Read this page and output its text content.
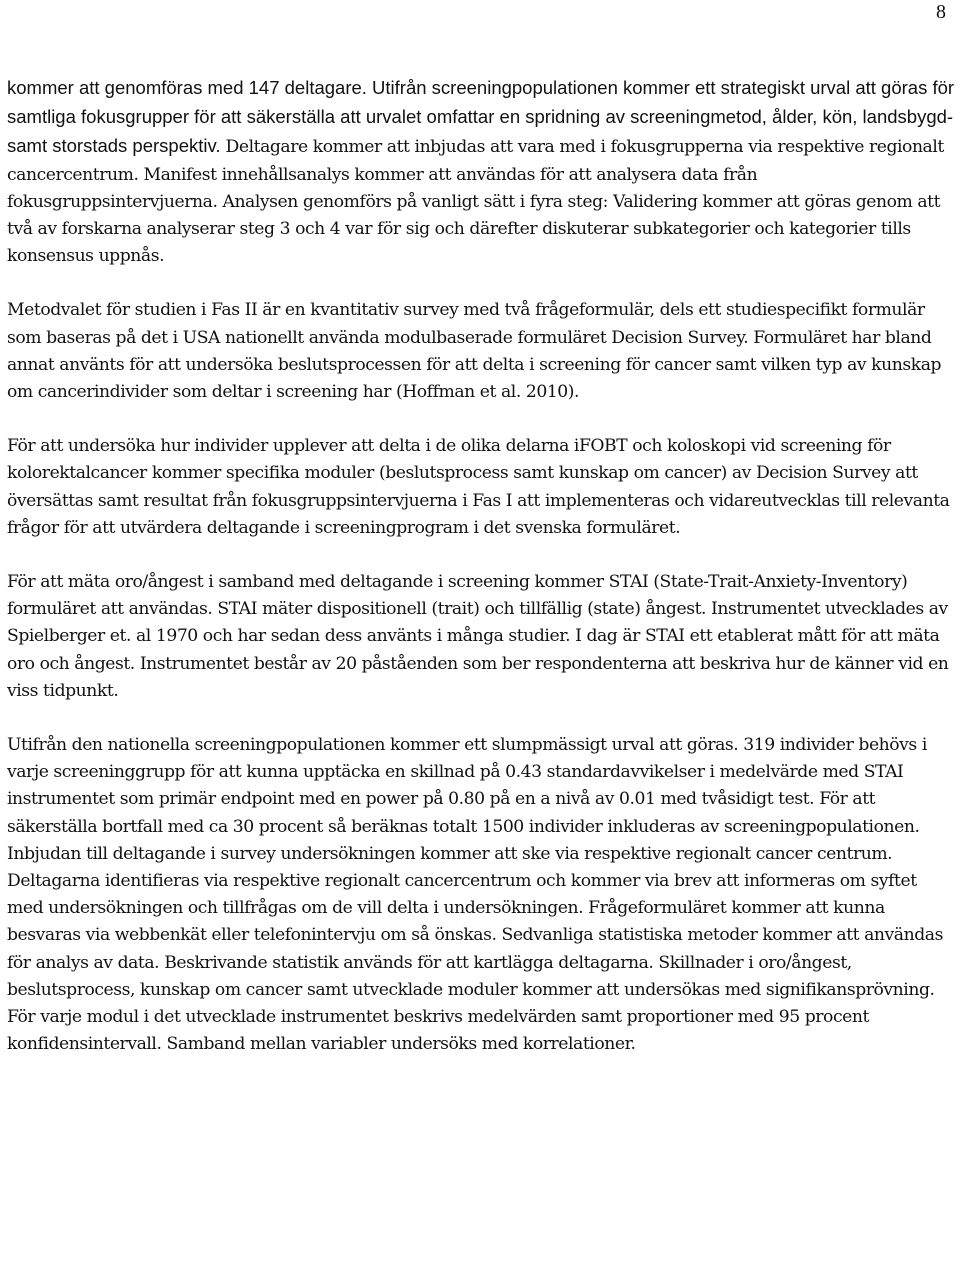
8

kommer att genomföras med 147 deltagare. Utifrån screeningpopulationen kommer ett strategiskt urval att göras för samtliga fokusgrupper för att säkerställa att urvalet omfattar en spridning av screeningmetod, ålder, kön, landsbygd- samt storstads perspektiv. Deltagare kommer att inbjudas att vara med i fokusgrupperna via respektive regionalt cancercentrum. Manifest innehållsanalys kommer att användas för att analysera data från fokusgruppsintervjuerna. Analysen genomförs på vanligt sätt i fyra steg: Validering kommer att göras genom att två av forskarna analyserar steg 3 och 4 var för sig och därefter diskuterar subkategorier och kategorier tills konsensus uppnås.

Metodvalet för studien i Fas II är en kvantitativ survey med två frågeformulär, dels ett studiespecifikt formulär som baseras på det i USA nationellt använda modulbaserade formuläret Decision Survey. Formuläret har bland annat använts för att undersöka beslutsprocessen för att delta i screening för cancer samt vilken typ av kunskap om cancerindivider som deltar i screening har (Hoffman et al. 2010).

För att undersöka hur individer upplever att delta i de olika delarna iFOBT och koloskopi vid screening för kolorektalcancer kommer specifika moduler (beslutsprocess samt kunskap om cancer) av Decision Survey att översättas samt resultat från fokusgruppsintervjuerna i Fas I att implementeras och vidareutvecklas till relevanta frågor för att utvärdera deltagande i screeningprogram i det svenska formuläret.

För att mäta oro/ångest i samband med deltagande i screening kommer STAI (State-Trait-Anxiety-Inventory) formuläret att användas. STAI mäter dispositionell (trait) och tillfällig (state) ångest. Instrumentet utvecklades av Spielberger et. al 1970 och har sedan dess använts i många studier. I dag är STAI ett etablerat mått för att mäta oro och ångest. Instrumentet består av 20 påståenden som ber respondenterna att beskriva hur de känner vid en viss tidpunkt.

Utifrån den nationella screeningpopulationen kommer ett slumpmässigt urval att göras. 319 individer behövs i varje screeninggrupp för att kunna upptäcka en skillnad på 0.43 standardavvikelser i medelvärde med STAI instrumentet som primär endpoint med en power på 0.80 på en a nivå av 0.01 med tvåsidigt test. För att säkerställa bortfall med ca 30 procent så beräknas totalt 1500 individer inkluderas av screeningpopulationen. Inbjudan till deltagande i survey undersökningen kommer att ske via respektive regionalt cancer centrum. Deltagarna identifieras via respektive regionalt cancercentrum och kommer via brev att informeras om syftet med undersökningen och tillfrågas om de vill delta i undersökningen. Frågeformuläret kommer att kunna besvaras via webbenkät eller telefonintervju om så önskas. Sedvanliga statistiska metoder kommer att användas för analys av data. Beskrivande statistik används för att kartlägga deltagarna. Skillnader i oro/ångest, beslutsprocess, kunskap om cancer samt utvecklade moduler kommer att undersökas med signifikansprövning. För varje modul i det utvecklade instrumentet beskrivs medelvärden samt proportioner med 95 procent konfidensintervall. Samband mellan variabler undersöks med korrelationer.
